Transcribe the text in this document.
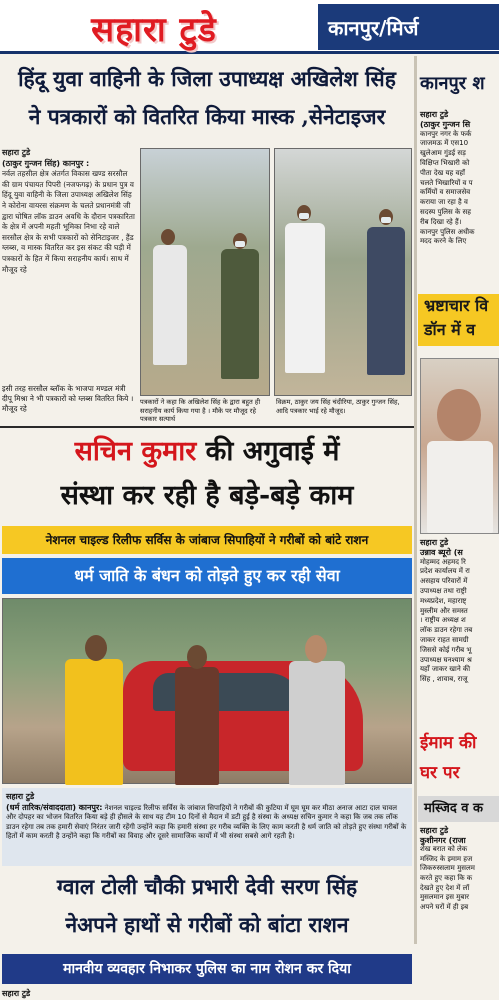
सहारा टुडे	कानपुर/मिर्ज
हिंदू युवा वाहिनी के जिला उपाध्यक्ष अखिलेश सिंह
ने पत्रकारों को वितरित किया मास्क ,सेनेटाइजर
सहारा टुडे
(ठाकुर गुन्जन सिंह) कानपुर :
नर्वल तहसील क्षेत्र अंतर्गत विकास खण्ड सरसौल की ग्राम पंचायत पिपरी (नजफगढ़) के प्रधान पुत्र व हिंदू युवा वाहिनी के जिला उपाध्यक्ष अखिलेश सिंह ने कोरोना वायरस संक्रमण के चलते प्रधानमंत्री जी द्वारा घोषित लॉक डाउन अवधि के दौरान पत्रकारिता के क्षेत्र में अपनी महती भूमिका निभा रहे वाले सरसौल क्षेत्र के सभी पत्रकारों को सेनिटाइजर , हैंड ग्लब्स, व मास्क वितरित कर इस संकट की घड़ी में पत्रकारों के हित में किया सराहनीय कार्य। साथ में मौजूद रहे
इसी तरह सरसौल ब्लॉक के भाजपा मण्डल मंत्री दीपू मिश्रा ने भी पत्रकारों को ग्लब्स वितरित किये । मौजूद रहे
पत्रकारों ने कहा कि अखिलेश सिंह के द्वारा बहुत ही सराहनीय कार्य किया गया है । मौके पर मौजूद रहे पत्रकार सत्यार्थ
विक्रम, ठाकुर जय सिंह चंदीरिया, ठाकुर गुन्जन सिंह, आदि पत्रकार भाई रहे मौजूद।
सचिन कुमार की अगुवाई में
संस्था कर रही है बड़े-बड़े काम
नेशनल चाइल्ड रिलीफ सर्विस के जांबाज सिपाहियों ने गरीबों को बांटे राशन
धर्म जाति के बंधन को तोड़ते हुए कर रही सेवा
सहारा टुडे
(धर्म तारिक/संवाददाता) कानपुर: नेशनल चाइल्ड रिलीफ सर्विस के जांबाज सिपाहियों ने गरीबों की कुटिया में घूम घूम कर मीठा अनाज आटा दाल चावल और दोपहर का भोजन वितरित किया बड़े ही हौसले के साथ यह टीम 10 दिनों से मैदान में डटी हुई है संस्था के अध्यक्ष सचिन कुमार ने कहा कि जब तक लॉक डाउन रहेगा तब तक हमारी सेवाएं निरंतर जारी रहेंगी उन्होंने कहा कि हमारी संस्था हर गरीब व्यक्ति के लिए काम करती है धर्म जाति को तोड़ते हुए संस्था गरीबों के हितों में काम करती है उन्होंने कहा कि गरीबों का विवाह और दूसरे सामाजिक कार्यों में भी संस्था सबसे आगे रहती है।
ग्वाल टोली चौकी प्रभारी देवी सरण सिंह
नेअपने हाथों से गरीबों को बांटा राशन
मानवीय व्यवहार निभाकर पुलिस का नाम रोशन कर दिया
सहारा टुडे
कानपुर श
सहारा टुडे
(ठाकुर गुन्जन सि
कानपुर नगर के फर्क
जाजमऊ में एस10
खुलेआम गुंडई सड़
विक्षिप्त भिखारी को
पीता देख यह वहाँ
चलते भिखारियों व प
कर्मियों व समाजसेव
कराया जा रहा है व
सदस्य पुलिस के सह
रीब दिखा रहे हैं।
कानपुर पुलिस अधीक
मदद करने के लिए
भ्रष्टाचार वि
डॉन में व
सहारा टुडे
उन्नाव ब्यूरो (स
मोहम्मद अहमद रि
प्रदेश कार्यालय में रा
असहाय परिवारों में
उपाध्यक्ष तथा राष्ट्री
मध्यप्रदेश, महाराष्ट्
मुस्लीम और समस्त
। राष्ट्रीय अध्यक्ष श
लॉक डाउन रहेगा तब
जाकर राहत सामग्री
जिससे कोई गरीब भू
उपाध्यक्ष घनश्याम श्र
यहाँ जाकर खाने की
सिंह , शावाब, राजू
ईमाम की
घर पर
मस्जिद व क
सहारा टुडे
कुशीनगर (राजा
शेख बरात को लेक
मस्जिद के इमाम हज
जिकरुस्सलाम मुसलम
करते हुए कहा कि क
देखते हुए देश में लॉ
मुसलमान इस मुबार
अपने घरों में ही इब
